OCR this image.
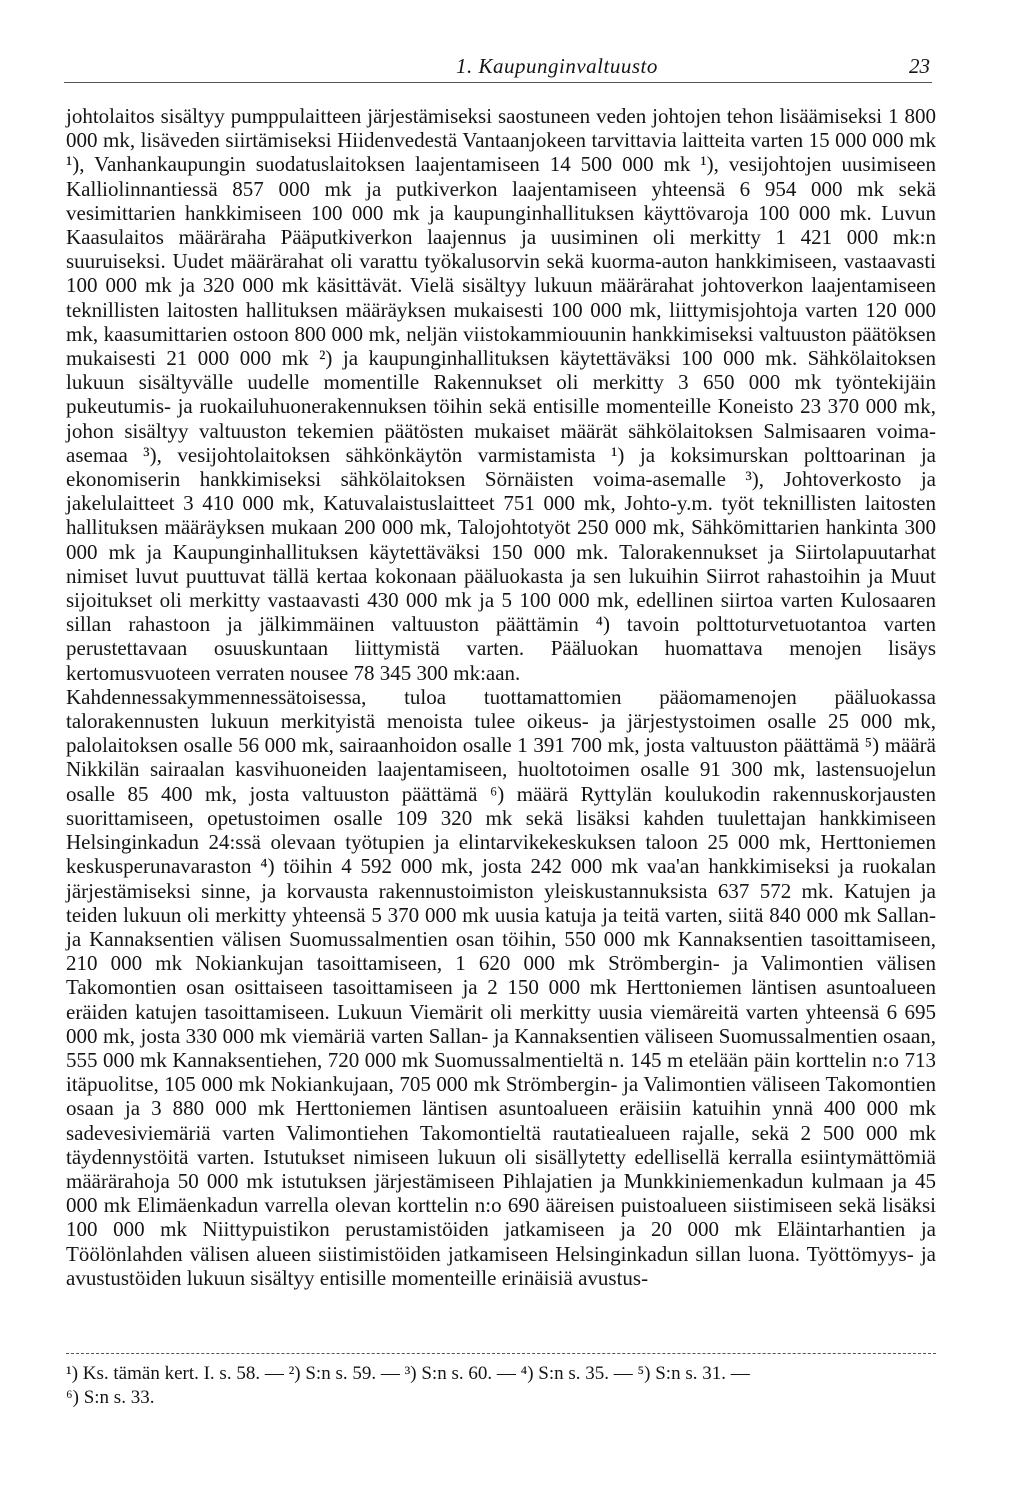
1. Kaupunginvaltuusto	23

johtolaitos sisältyy pumppulaitteen järjestämiseksi saostuneen veden johtojen tehon lisäämiseksi 1 800 000 mk, lisäveden siirtämiseksi Hiidenvedestä Vantaanjokeen tarvittavia laitteita varten 15 000 000 mk ¹), Vanhankaupungin suodatuslaitoksen laajentamiseen 14 500 000 mk ¹), vesijohtojen uusimiseen Kalliolinnantiessä 857 000 mk ja putkiverkon laajentamiseen yhteensä 6 954 000 mk sekä vesimittarien hankkimiseen 100 000 mk ja kaupunginhallituksen käyttövaroja 100 000 mk. Luvun Kaasulaitos määräraha Pääputkiverkon laajennus ja uusiminen oli merkitty 1 421 000 mk:n suuruiseksi. Uudet määrärahat oli varattu työkalusorvin sekä kuorma-auton hankkimiseen, vastaavasti 100 000 mk ja 320 000 mk käsittävät. Vielä sisältyy lukuun määrärahat johtoverkon laajentamiseen teknillisten laitosten hallituksen määräyksen mukaisesti 100 000 mk, liittymisjohtoja varten 120 000 mk, kaasumittarien ostoon 800 000 mk, neljän viistokammiouunin hankkimiseksi valtuuston päätöksen mukaisesti 21 000 000 mk ²) ja kaupunginhallituksen käytettäväksi 100 000 mk. Sähkölaitoksen lukuun sisältyvälle uudelle momentille Rakennukset oli merkitty 3 650 000 mk työntekijäin pukeutumis- ja ruokailuhuonerakennuksen töihin sekä entisille momenteille Koneisto 23 370 000 mk, johon sisältyy valtuuston tekemien päätösten mukaiset määrät sähkölaitoksen Salmisaaren voima-asemaa ³), vesijohtolaitoksen sähkönkäytön varmistamista ¹) ja koksimurskan polttoarinan ja ekonomiserin hankkimiseksi sähkölaitoksen Sörnäisten voima-asemalle ³), Johtoverkosto ja jakelulaitteet 3 410 000 mk, Katuvalaistuslaitteet 751 000 mk, Johto-y.m. työt teknillisten laitosten hallituksen määräyksen mukaan 200 000 mk, Talojohtotyöt 250 000 mk, Sähkömittarien hankinta 300 000 mk ja Kaupunginhallituksen käytettäväksi 150 000 mk. Talorakennukset ja Siirtolapuutarhat nimiset luvut puuttuvat tällä kertaa kokonaan pääluokasta ja sen lukuihin Siirrot rahastoihin ja Muut sijoitukset oli merkitty vastaavasti 430 000 mk ja 5 100 000 mk, edellinen siirtoa varten Kulosaaren sillan rahastoon ja jälkimmäinen valtuuston päättämin ⁴) tavoin polttoturvetuotantoa varten perustettavaan osuuskuntaan liittymistä varten. Pääluokan huomattava menojen lisäys kertomusvuoteen verraten nousee 78 345 300 mk:aan.

Kahdennessakymmennessätoisessa, tuloa tuottamattomien pääomamenojen pääluokassa talorakennusten lukuun merkityistä menoista tulee oikeus- ja järjestystoimen osalle 25 000 mk, palolaitoksen osalle 56 000 mk, sairaanhoidon osalle 1 391 700 mk, josta valtuuston päättämä ⁵) määrä Nikkilän sairaalan kasvihuoneiden laajentamiseen, huoltotoimen osalle 91 300 mk, lastensuojelun osalle 85 400 mk, josta valtuuston päättämä ⁶) määrä Ryttylän koulukodin rakennuskorjausten suorittamiseen, opetustoimen osalle 109 320 mk sekä lisäksi kahden tuulettajan hankkimiseen Helsinginkadun 24:ssä olevaan työtupien ja elintarvikekeskuksen taloon 25 000 mk, Herttoniemen keskusperunavaraston ⁴) töihin 4 592 000 mk, josta 242 000 mk vaa'an hankkimiseksi ja ruokalan järjestämiseksi sinne, ja korvausta rakennustoimiston yleiskustannuksista 637 572 mk. Katujen ja teiden lukuun oli merkitty yhteensä 5 370 000 mk uusia katuja ja teitä varten, siitä 840 000 mk Sallan- ja Kannaksentien välisen Suomussalmentien osan töihin, 550 000 mk Kannaksentien tasoittamiseen, 210 000 mk Nokiankujan tasoittamiseen, 1 620 000 mk Strömbergin- ja Valimontien välisen Takomontien osan osittaiseen tasoittamiseen ja 2 150 000 mk Herttoniemen läntisen asuntoalueen eräiden katujen tasoittamiseen. Lukuun Viemärit oli merkitty uusia viemäreitä varten yhteensä 6 695 000 mk, josta 330 000 mk viemäriä varten Sallan- ja Kannaksentien väliseen Suomussalmentien osaan, 555 000 mk Kannaksentiehen, 720 000 mk Suomussalmentieltä n. 145 m etelään päin korttelin n:o 713 itäpuolitse, 105 000 mk Nokiankujaan, 705 000 mk Strömbergin- ja Valimontien väliseen Takomontien osaan ja 3 880 000 mk Herttoniemen läntisen asuntoalueen eräisiin katuihin ynnä 400 000 mk sadevesiviemäriä varten Valimontiehen Takomontieltä rautatiealueen rajalle, sekä 2 500 000 mk täydennystöitä varten. Istutukset nimiseen lukuun oli sisällytetty edellisellä kerralla esiintymättömiä määrärahoja 50 000 mk istutuksen järjestämiseen Pihlajatien ja Munkkiniemenkadun kulmaan ja 45 000 mk Elimäenkadun varrella olevan korttelin n:o 690 ääreisen puistoalueen siistimiseen sekä lisäksi 100 000 mk Niittypuistikon perustamistöiden jatkamiseen ja 20 000 mk Eläintarhantien ja Töölönlahden välisen alueen siistimistöiden jatkamiseen Helsinginkadun sillan luona. Työttömyys- ja avustustöiden lukuun sisältyy entisille momenteille erinäisiä avustus-

¹) Ks. tämän kert. I. s. 58. — ²) S:n s. 59. — ³) S:n s. 60. — ⁴) S:n s. 35. — ⁵) S:n s. 31. —

⁶) S:n s. 33.
